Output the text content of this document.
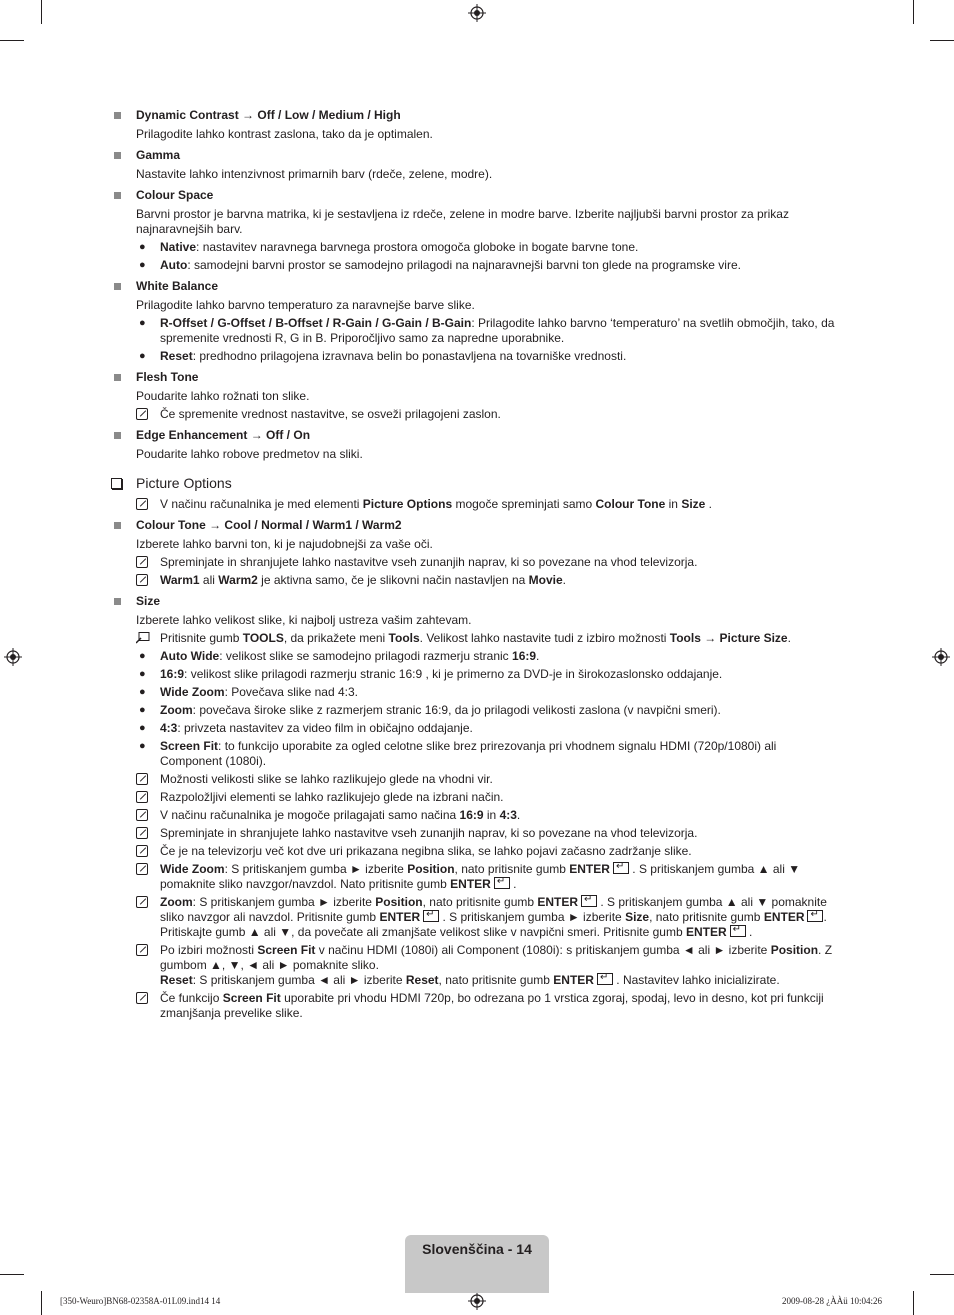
Dynamic Contrast → Off / Low / Medium / High
Prilagodite lahko kontrast zaslona, tako da je optimalen.
Gamma
Nastavite lahko intenzivnost primarnih barv (rdeče, zelene, modre).
Colour Space
Barvni prostor je barvna matrika, ki je sestavljena iz rdeče, zelene in modre barve. Izberite najljubši barvni prostor za prikaz najnaravnejših barv.
● Native: nastavitev naravnega barvnega prostora omogoča globoke in bogate barvne tone.
● Auto: samodejni barvni prostor se samodejno prilagodi na najnaravnejši barvni ton glede na programske vire.
White Balance
Prilagodite lahko barvno temperaturo za naravnejše barve slike.
● R-Offset / G-Offset / B-Offset / R-Gain / G-Gain / B-Gain: Prilagodite lahko barvno ‘temperaturo’ na svetlih območjih, tako, da spremenite vrednosti R, G in B. Priporočljivo samo za napredne uporabnike.
● Reset: predhodno prilagojena izravnava belin bo ponastavljena na tovarniške vrednosti.
Flesh Tone
Poudarite lahko rožnati ton slike.
Če spremenite vrednost nastavitve, se osveži prilagojeni zaslon.
Edge Enhancement → Off / On
Poudarite lahko robove predmetov na sliki.
Picture Options
V načinu računalnika je med elementi Picture Options mogoče spreminjati samo Colour Tone in Size .
Colour Tone → Cool / Normal / Warm1 / Warm2
Izberete lahko barvni ton, ki je najudobnejši za vaše oči.
Spreminjate in shranjujete lahko nastavitve vseh zunanjih naprav, ki so povezane na vhod televizorja.
Warm1 ali Warm2 je aktivna samo, če je slikovni način nastavljen na Movie.
Size
Izberete lahko velikost slike, ki najbolj ustreza vašim zahtevam.
Pritisnite gumb TOOLS, da prikažete meni Tools. Velikost lahko nastavite tudi z izbiro možnosti Tools → Picture Size.
● Auto Wide: velikost slike se samodejno prilagodi razmerju stranic 16:9.
● 16:9: velikost slike prilagodi razmerju stranic 16:9 , ki je primerno za DVD-je in širokozaslonsko oddajanje.
● Wide Zoom: Povečava slike nad 4:3.
● Zoom: povečava široke slike z razmerjem stranic 16:9, da jo prilagodi velikosti zaslona (v navpični smeri).
● 4:3: privzeta nastavitev za video film in običajno oddajanje.
● Screen Fit: to funkcijo uporabite za ogled celotne slike brez prirezovanja pri vhodnem signalu HDMI (720p/1080i) ali Component (1080i).
Možnosti velikosti slike se lahko razlikujejo glede na vhodni vir.
Razpoložljivi elementi se lahko razlikujejo glede na izbrani način.
V načinu računalnika je mogoče prilagajati samo načina 16:9 in 4:3.
Spreminjate in shranjujete lahko nastavitve vseh zunanjih naprav, ki so povezane na vhod televizorja.
Če je na televizorju več kot dve uri prikazana negibna slika, se lahko pojavi začasno zadržanje slike.
Wide Zoom: S pritiskanjem gumba ► izberite Position, nato pritisnite gumb ENTER↵ . S pritiskanjem gumba ▲ ali ▼ pomaknite sliko navzgor/navzdol. Nato pritisnite gumb ENTER↵ .
Zoom: S pritiskanjem gumba ► izberite Position, nato pritisnite gumb ENTER↵ . S pritiskanjem gumba ▲ ali ▼ pomaknite sliko navzgor ali navzdol. Pritisnite gumb ENTER↵ . S pritiskanjem gumba ► izberite Size, nato pritisnite gumb ENTER↵ . Pritiskajte gumb ▲ ali ▼, da povečate ali zmanjšate velikost slike v navpični smeri. Pritisnite gumb ENTER↵ .
Po izbiri možnosti Screen Fit v načinu HDMI (1080i) ali Component (1080i): s pritiskanjem gumba ◄ ali ► izberite Position. Z gumbom ▲, ▼, ◄ ali ► pomaknite sliko.
Reset: S pritiskanjem gumba ◄ ali ► izberite Reset, nato pritisnite gumb ENTER↵ . Nastavitev lahko inicializirate.
Če funkcijo Screen Fit uporabite pri vhodu HDMI 720p, bo odrezana po 1 vrstica zgoraj, spodaj, levo in desno, kot pri funkciji zmanjšanja prevelike slike.
Slovenščina - 14
[350-Weuro]BN68-02358A-01L09.ind14 14	2009-08-28 ¿ÀÀü 10:04:26
